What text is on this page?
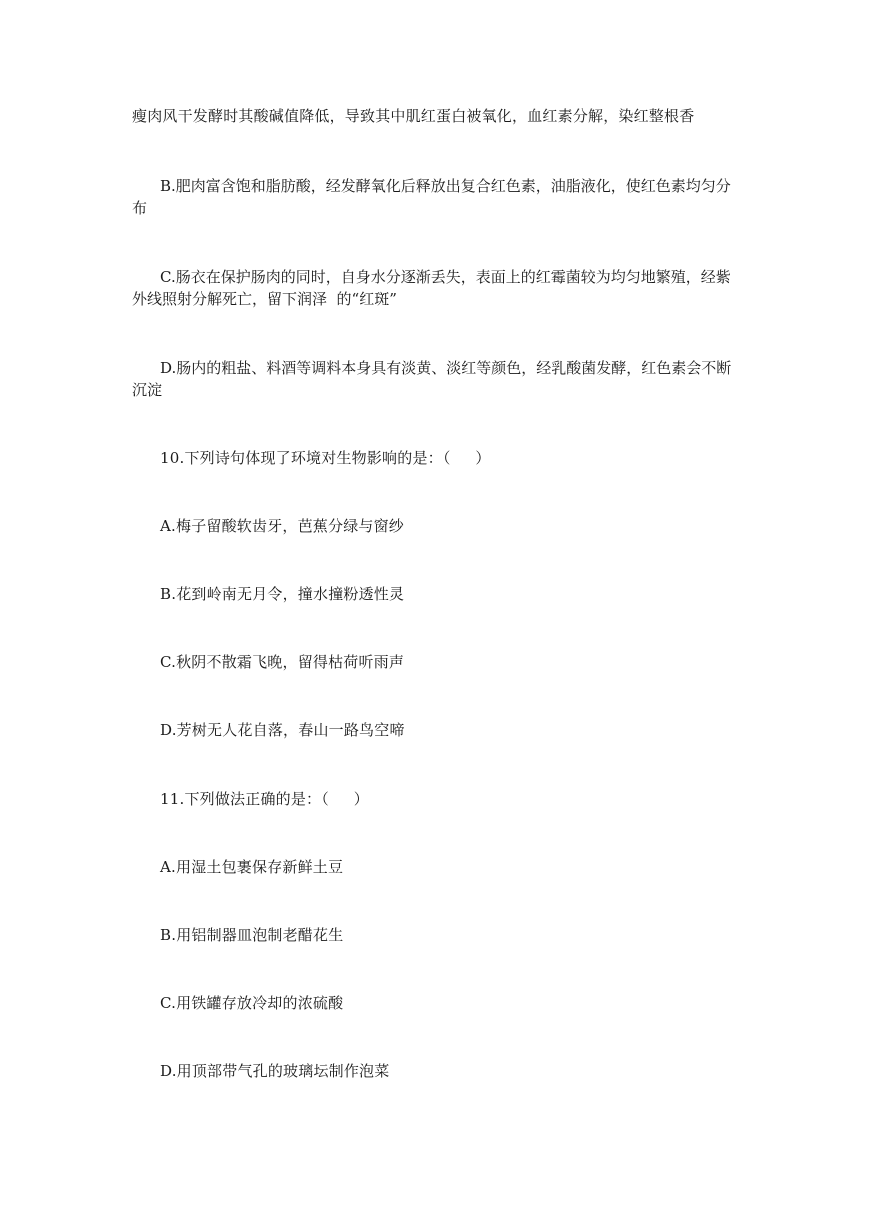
瘦肉风干发酵时其酸碱值降低，导致其中肌红蛋白被氧化，血红素分解，染红整根香
B.肥肉富含饱和脂肪酸，经发酵氧化后释放出复合红色素，油脂液化，使红色素均匀分
布
C.肠衣在保护肠肉的同时，自身水分逐渐丢失，表面上的红霉菌较为均匀地繁殖，经紫
外线照射分解死亡，留下润泽  的“红斑”
D.肠内的粗盐、料酒等调料本身具有淡黄、淡红等颜色，经乳酸菌发酵，红色素会不断
沉淀
10.下列诗句体现了环境对生物影响的是：（     ）
A.梅子留酸软齿牙，芭蕉分绿与窗纱
B.花到岭南无月令，撞水撞粉透性灵
C.秋阴不散霜飞晚，留得枯荷听雨声
D.芳树无人花自落，春山一路鸟空啼
11.下列做法正确的是：（     ）
A.用湿土包裹保存新鲜土豆
B.用铝制器皿泡制老醋花生
C.用铁罐存放冷却的浓硫酸
D.用顶部带气孔的玻璃坛制作泡菜
